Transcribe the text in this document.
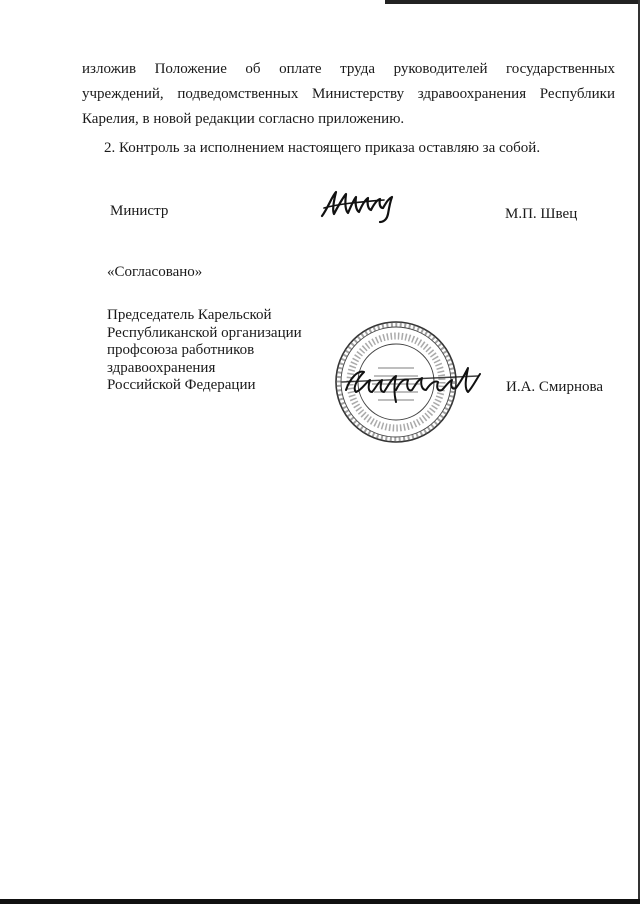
изложив Положение об оплате труда руководителей государственных
учреждений, подведомственных Министерству здравоохранения Республики
Карелия, в новой редакции согласно приложению.
2. Контроль за исполнением настоящего приказа оставляю за собой.
Министр	М.П. Швец
«Согласовано»
Председатель Карельской
Республиканской организации
профсоюза работников
здравоохранения
Российской Федерации	И.А. Смирнова
